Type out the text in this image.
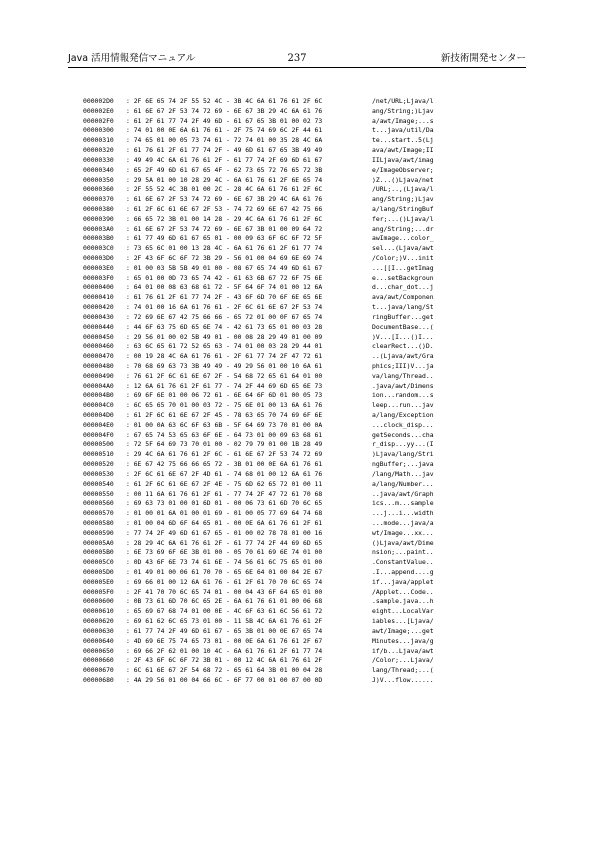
Java 活用情報発信マニュアル	237	新技術開発センター
000002D0 : 2F 6E 65 74 2F 55 52 4C - 3B 4C 6A 61 76 61 2F 6C	/net/URL;Ljava/l
000002E0 : 61 6E 67 2F 53 74 72 69 - 6E 67 3B 29 4C 6A 61 76	ang/String;)Ljav
000002F0 : 61 2F 61 77 74 2F 49 6D - 61 67 65 3B 01 00 02 73	a/awt/Image;...s
00000300 : 74 01 00 0E 6A 61 76 61 - 2F 75 74 69 6C 2F 44 61	t...java/util/Da
00000310 : 74 65 01 00 05 73 74 61 - 72 74 01 00 35 28 4C 6A	te...start..5(Lj
00000320 : 61 76 61 2F 61 77 74 2F - 49 6D 61 67 65 3B 49 49	ava/awt/Image;II
00000330 : 49 49 4C 6A 61 76 61 2F - 61 77 74 2F 69 6D 61 67	IILjava/awt/imag
00000340 : 65 2F 49 6D 61 67 65 4F - 62 73 65 72 76 65 72 3B	e/ImageObserver;
00000350 : 29 5A 01 00 10 28 29 4C - 6A 61 76 61 2F 6E 65 74	)Z...()Ljava/net
00000360 : 2F 55 52 4C 3B 01 00 2C - 28 4C 6A 61 76 61 2F 6C	/URL;..,(Ljava/l
00000370 : 61 6E 67 2F 53 74 72 69 - 6E 67 3B 29 4C 6A 61 76	ang/String;)Ljav
00000380 : 61 2F 6C 61 6E 67 2F 53 - 74 72 69 6E 67 42 75 66	a/lang/StringBuf
00000390 : 66 65 72 3B 01 00 14 28 - 29 4C 6A 61 76 61 2F 6C	fer;...()Ljava/l
000003A0 : 61 6E 67 2F 53 74 72 69 - 6E 67 3B 01 00 09 64 72	ang/String;...dr
000003B0 : 61 77 49 6D 61 67 65 01 - 00 09 63 6F 6C 6F 72 5F	awImage...color_
000003C0 : 73 65 6C 01 00 13 28 4C - 6A 61 76 61 2F 61 77 74	sel...(Ljava/awt
000003D0 : 2F 43 6F 6C 6F 72 3B 29 - 56 01 00 04 69 6E 69 74	/Color;)V...init
000003E0 : 01 00 03 5B 5B 49 01 00 - 08 67 65 74 49 6D 61 67	...[[I...getImag
000003F0 : 65 01 00 0D 73 65 74 42 - 61 63 6B 67 72 6F 75 6E	e...setBackgroun
00000400 : 64 01 00 08 63 68 61 72 - 5F 64 6F 74 01 00 12 6A	d...char_dot...j
00000410 : 61 76 61 2F 61 77 74 2F - 43 6F 6D 70 6F 6E 65 6E	ava/awt/Componen
00000420 : 74 01 00 16 6A 61 76 61 - 2F 6C 61 6E 67 2F 53 74	t...java/lang/St
00000430 : 72 69 6E 67 42 75 66 66 - 65 72 01 00 0F 67 65 74	ringBuffer...get
00000440 : 44 6F 63 75 6D 65 6E 74 - 42 61 73 65 01 00 03 28	DocumentBase...(
00000450 : 29 56 01 00 02 5B 49 01 - 00 08 28 29 49 01 00 09	)V...[I...()I...
00000460 : 63 6C 65 61 72 52 65 63 - 74 01 00 03 28 29 44 01	clearRect...()D.
00000470 : 00 19 28 4C 6A 61 76 61 - 2F 61 77 74 2F 47 72 61	..(Ljava/awt/Gra
00000480 : 70 68 69 63 73 3B 49 49 - 49 29 56 01 00 10 6A 61	phics;III)V...ja
00000490 : 76 61 2F 6C 61 6E 67 2F - 54 68 72 65 61 64 01 00	va/lang/Thread..
000004A0 : 12 6A 61 76 61 2F 61 77 - 74 2F 44 69 6D 65 6E 73	.java/awt/Dimens
000004B0 : 69 6F 6E 01 00 06 72 61 - 6E 64 6F 6D 01 00 05 73	ion...random...s
000004C0 : 6C 65 65 70 01 00 03 72 - 75 6E 01 00 13 6A 61 76	leep...run...jav
000004D0 : 61 2F 6C 61 6E 67 2F 45 - 78 63 65 70 74 69 6F 6E	a/lang/Exception
000004E0 : 01 00 0A 63 6C 6F 63 6B - 5F 64 69 73 70 01 00 0A	...clock_disp...
000004F0 : 67 65 74 53 65 63 6F 6E - 64 73 01 00 09 63 68 61	getSeconds...cha
00000500 : 72 5F 64 69 73 70 01 00 - 02 79 79 01 00 1B 28 49	r_disp...yy...(I
00000510 : 29 4C 6A 61 76 61 2F 6C - 61 6E 67 2F 53 74 72 69	)Ljava/lang/Stri
00000520 : 6E 67 42 75 66 66 65 72 - 3B 01 00 0E 6A 61 76 61	ngBuffer;...java
00000530 : 2F 6C 61 6E 67 2F 4D 61 - 74 68 01 00 12 6A 61 76	/lang/Math...jav
00000540 : 61 2F 6C 61 6E 67 2F 4E - 75 6D 62 65 72 01 00 11	a/lang/Number...
00000550 : 00 11 6A 61 76 61 2F 61 - 77 74 2F 47 72 61 70 68	..java/awt/Graph
00000560 : 69 63 73 01 00 01 6D 01 - 00 06 73 61 6D 70 6C 65	ics...m...sample
00000570 : 01 00 01 6A 01 00 01 69 - 01 00 05 77 69 64 74 68	...j...i...width
00000580 : 01 00 04 6D 6F 64 65 01 - 00 0E 6A 61 76 61 2F 61	...mode...java/a
00000590 : 77 74 2F 49 6D 61 67 65 - 01 00 02 78 78 01 00 16	wt/Image...xx...
000005A0 : 28 29 4C 6A 61 76 61 2F - 61 77 74 2F 44 69 6D 65	()Ljava/awt/Dime
000005B0 : 6E 73 69 6F 6E 3B 01 00 - 05 70 61 69 6E 74 01 00	nsion;...paint..
000005C0 : 0D 43 6F 6E 73 74 61 6E - 74 56 61 6C 75 65 01 00	.ConstantValue..
000005D0 : 01 49 01 00 06 61 70 70 - 65 6E 64 01 00 04 2E 67	.I...append....g
000005E0 : 69 66 01 00 12 6A 61 76 - 61 2F 61 70 70 6C 65 74	if...java/applet
000005F0 : 2F 41 70 70 6C 65 74 01 - 00 04 43 6F 64 65 01 00	/Applet...Code..
00000600 : 0B 73 61 6D 70 6C 65 2E - 6A 61 76 61 01 00 06 68	.sample.java...h
00000610 : 65 69 67 68 74 01 00 0E - 4C 6F 63 61 6C 56 61 72	eight...LocalVar
00000620 : 69 61 62 6C 65 73 01 00 - 11 5B 4C 6A 61 76 61 2F	iables...[Ljava/
00000630 : 61 77 74 2F 49 6D 61 67 - 65 3B 01 00 0E 67 65 74	awt/Image;...get
00000640 : 4D 69 6E 75 74 65 73 01 - 00 0E 6A 61 76 61 2F 67	Minutes...java/g
00000650 : 69 66 2F 62 01 00 10 4C - 6A 61 76 61 2F 61 77 74	if/b...Ljava/awt
00000660 : 2F 43 6F 6C 6F 72 3B 01 - 00 12 4C 6A 61 76 61 2F	/Color;...Ljava/
00000670 : 6C 61 6E 67 2F 54 68 72 - 65 61 64 3B 01 00 04 28	lang/Thread;...(
00000680 : 4A 29 56 01 00 04 66 6C - 6F 77 00 01 00 07 00 0D	J)V...flow......
